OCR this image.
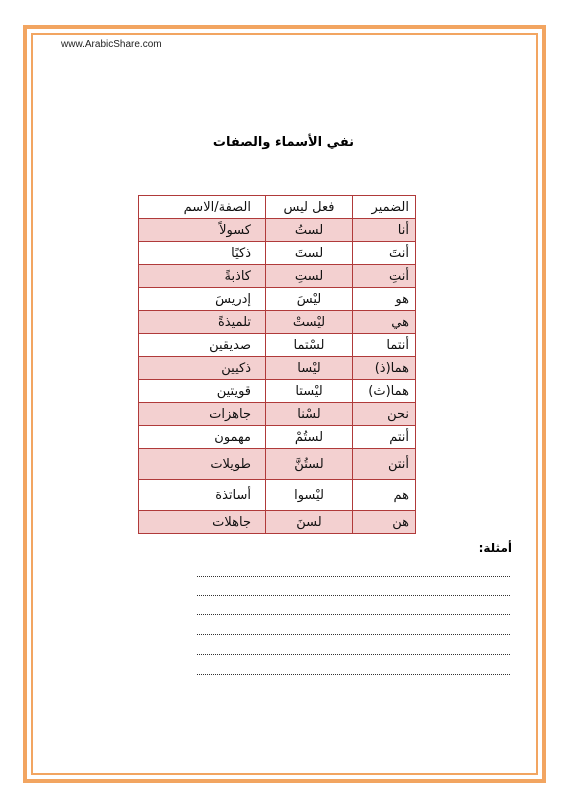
www.ArabicShare.com
نفي الأسماء والصفات
الضمير	فعل ليس	الصفة/الاسم
أنا	لستُ	كسولاً
أنتَ	لستَ	ذكيًا
أنتِ	لستِ	كاذبةً
هو	ليْسَ	إدريسَ
هي	ليْستْ	تلميذةً
أنتما	لسْتما	صديقين
هما(ذ)	ليْسا	ذكيين
هما(ث)	ليْستا	قويتين
نحن	لسْنا	جاهزات
أنتم	لستُمْ	مهمون
أنتن	لستُنَّ	طويلات
هم	ليْسوا	أساتذة
هن	لسنَ	جاهلات
أمثلة:
